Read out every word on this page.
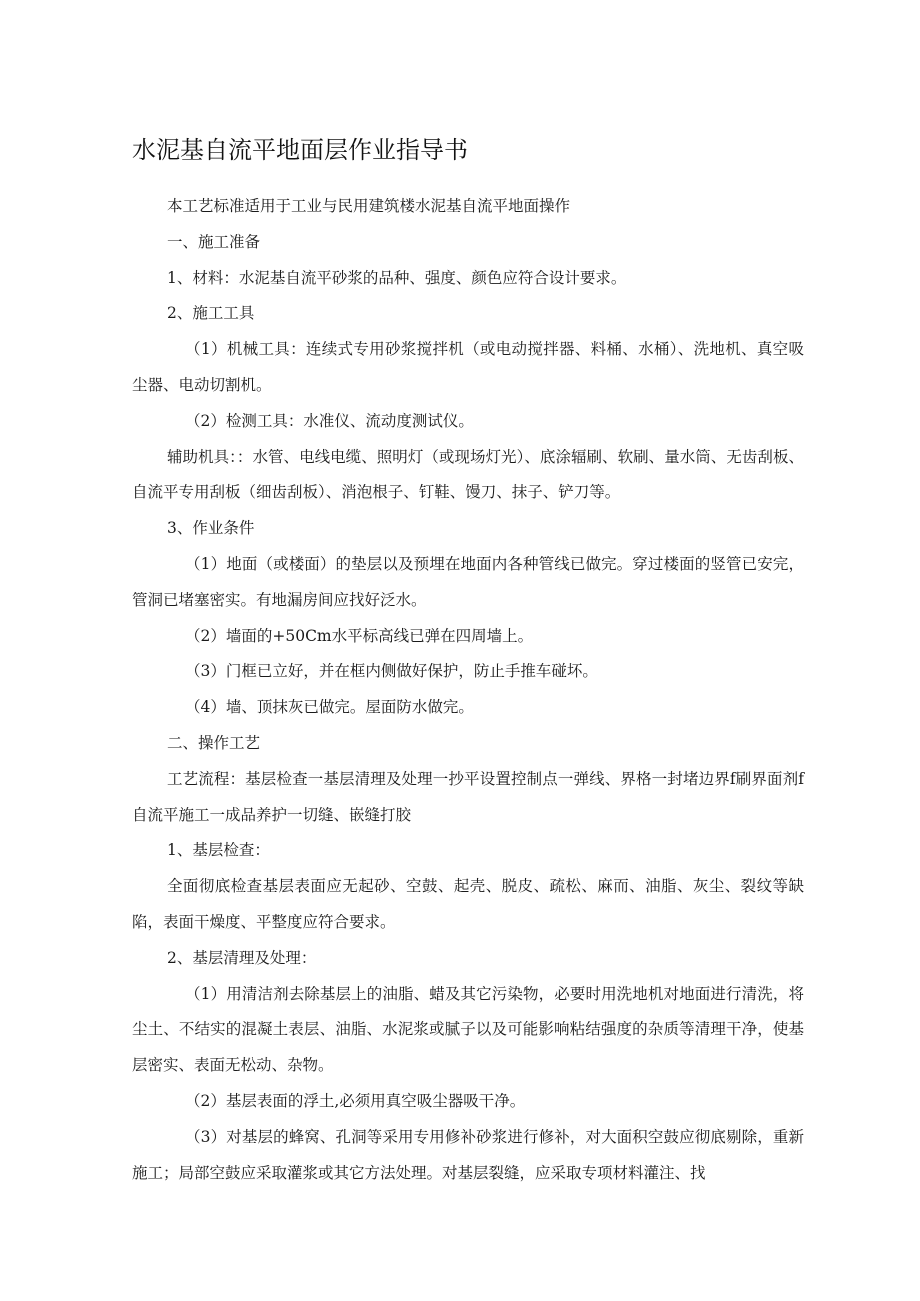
水泥基自流平地面层作业指导书

本工艺标准适用于工业与民用建筑楼水泥基自流平地面操作

一、施工准备

1、材料：水泥基自流平砂浆的品种、强度、颜色应符合设计要求。

2、施工工具

（1）机械工具：连续式专用砂浆搅拌机（或电动搅拌器、料桶、水桶）、洗地机、真空吸尘器、电动切割机。

（2）检测工具：水准仪、流动度测试仪。

辅助机具：：水管、电线电缆、照明灯（或现场灯光）、底涂辐刷、软刷、量水筒、无齿刮板、自流平专用刮板（细齿刮板）、消泡根子、钉鞋、馒刀、抹子、铲刀等。

3、作业条件

（1）地面（或楼面）的垫层以及预埋在地面内各种管线已做完。穿过楼面的竖管已安完，管洞已堵塞密实。有地漏房间应找好泛水。

（2）墙面的+50Cm水平标高线已弹在四周墙上。

（3）门框已立好，并在框内侧做好保护，防止手推车碰坏。

（4）墙、顶抹灰已做完。屋面防水做完。

二、操作工艺

工艺流程：基层检查一基层清理及处理一抄平设置控制点一弹线、界格一封堵边界f刷界面剂f自流平施工一成品养护一切缝、嵌缝打胶

1、基层检查：

全面彻底检查基层表面应无起砂、空鼓、起壳、脱皮、疏松、麻而、油脂、灰尘、裂纹等缺陷，表面干燥度、平整度应符合要求。

2、基层清理及处理：

（1）用清洁剂去除基层上的油脂、蜡及其它污染物，必要时用洗地机对地面进行清洗，将尘土、不结实的混凝土表层、油脂、水泥浆或腻子以及可能影响粘结强度的杂质等清理干净，使基层密实、表面无松动、杂物。

（2）基层表面的浮土,必须用真空吸尘器吸干净。

（3）对基层的蜂窝、孔洞等采用专用修补砂浆进行修补，对大面积空鼓应彻底剔除，重新施工；局部空鼓应采取灌浆或其它方法处理。对基层裂缝，应采取专项材料灌注、找
